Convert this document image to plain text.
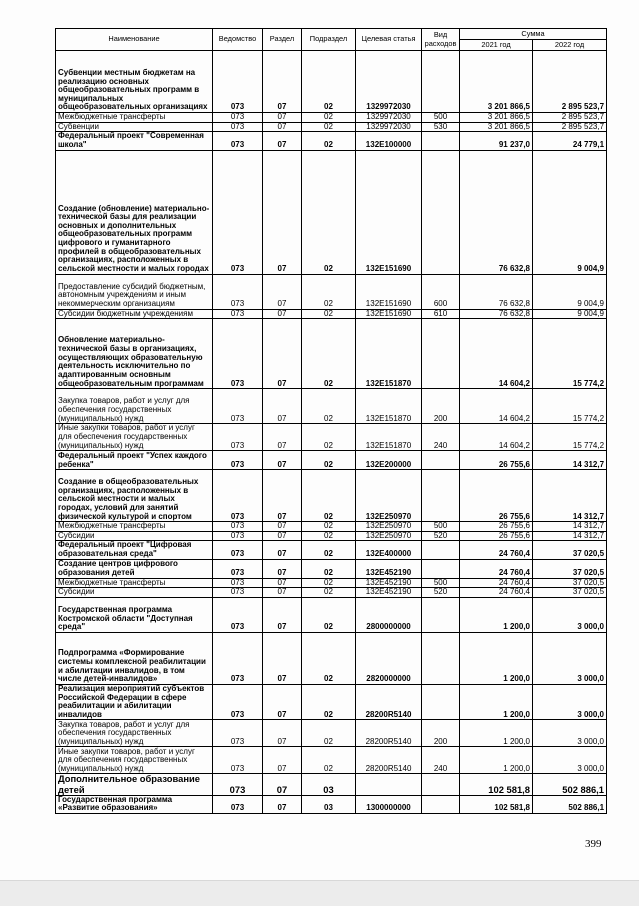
Наименование	Ведомство	Раздел	Подраздел	Целевая статья	Вид расходов	Сумма	
						2021 год	2022 год
Субвенции местным бюджетам на реализацию основных общеобразовательных программ в муниципальных общеобразовательных организациях	073	07	02	1329972030		3 201 866,5	2 895 523,7
Межбюджетные трансферты	073	07	02	1329972030	500	3 201 866,5	2 895 523,7
Субвенции	073	07	02	1329972030	530	3 201 866,5	2 895 523,7
Федеральный проект "Современная школа"	073	07	02	132E100000		91 237,0	24 779,1
Создание (обновление) материально-технической базы для реализации основных и дополнительных общеобразовательных программ цифрового и гуманитарного профилей в общеобразовательных организациях, расположенных в сельской местности и малых городах	073	07	02	132E151690		76 632,8	9 004,9
Предоставление субсидий бюджетным, автономным учреждениям и иным некоммерческим организациям	073	07	02	132E151690	600	76 632,8	9 004,9
Субсидии бюджетным учреждениям	073	07	02	132E151690	610	76 632,8	9 004,9
Обновление материально-технической базы в организациях, осуществляющих образовательную деятельность исключительно по адаптированным основным общеобразовательным программам	073	07	02	132E151870		14 604,2	15 774,2
Закупка товаров, работ и услуг для обеспечения государственных (муниципальных) нужд	073	07	02	132E151870	200	14 604,2	15 774,2
Иные закупки товаров, работ и услуг для обеспечения государственных (муниципальных) нужд	073	07	02	132E151870	240	14 604,2	15 774,2
Федеральный проект "Успех каждого ребенка"	073	07	02	132E200000		26 755,6	14 312,7
Создание в общеобразовательных организациях, расположенных в сельской местности и малых городах, условий для занятий физической культурой и спортом	073	07	02	132E250970		26 755,6	14 312,7
Межбюджетные трансферты	073	07	02	132E250970	500	26 755,6	14 312,7
Субсидии	073	07	02	132E250970	520	26 755,6	14 312,7
Федеральный проект "Цифровая образовательная среда"	073	07	02	132E400000		24 760,4	37 020,5
Создание центров цифрового образования детей	073	07	02	132E452190		24 760,4	37 020,5
Межбюджетные трансферты	073	07	02	132E452190	500	24 760,4	37 020,5
Субсидии	073	07	02	132E452190	520	24 760,4	37 020,5
Государственная программа Костромской области "Доступная среда"	073	07	02	2800000000		1 200,0	3 000,0
Подпрограмма «Формирование системы комплексной реабилитации и абилитации инвалидов, в том числе детей-инвалидов»	073	07	02	2820000000		1 200,0	3 000,0
Реализация мероприятий субъектов Российской Федерации в сфере реабилитации и абилитации инвалидов	073	07	02	28200R5140		1 200,0	3 000,0
Закупка товаров, работ и услуг для обеспечения государственных (муниципальных) нужд	073	07	02	28200R5140	200	1 200,0	3 000,0
Иные закупки товаров, работ и услуг для обеспечения государственных (муниципальных) нужд	073	07	02	28200R5140	240	1 200,0	3 000,0
Дополнительное образование детей	073	07	03			102 581,8	502 886,1
Государственная программа «Развитие образования»	073	07	03	1300000000		102 581,8	502 886,1
399
